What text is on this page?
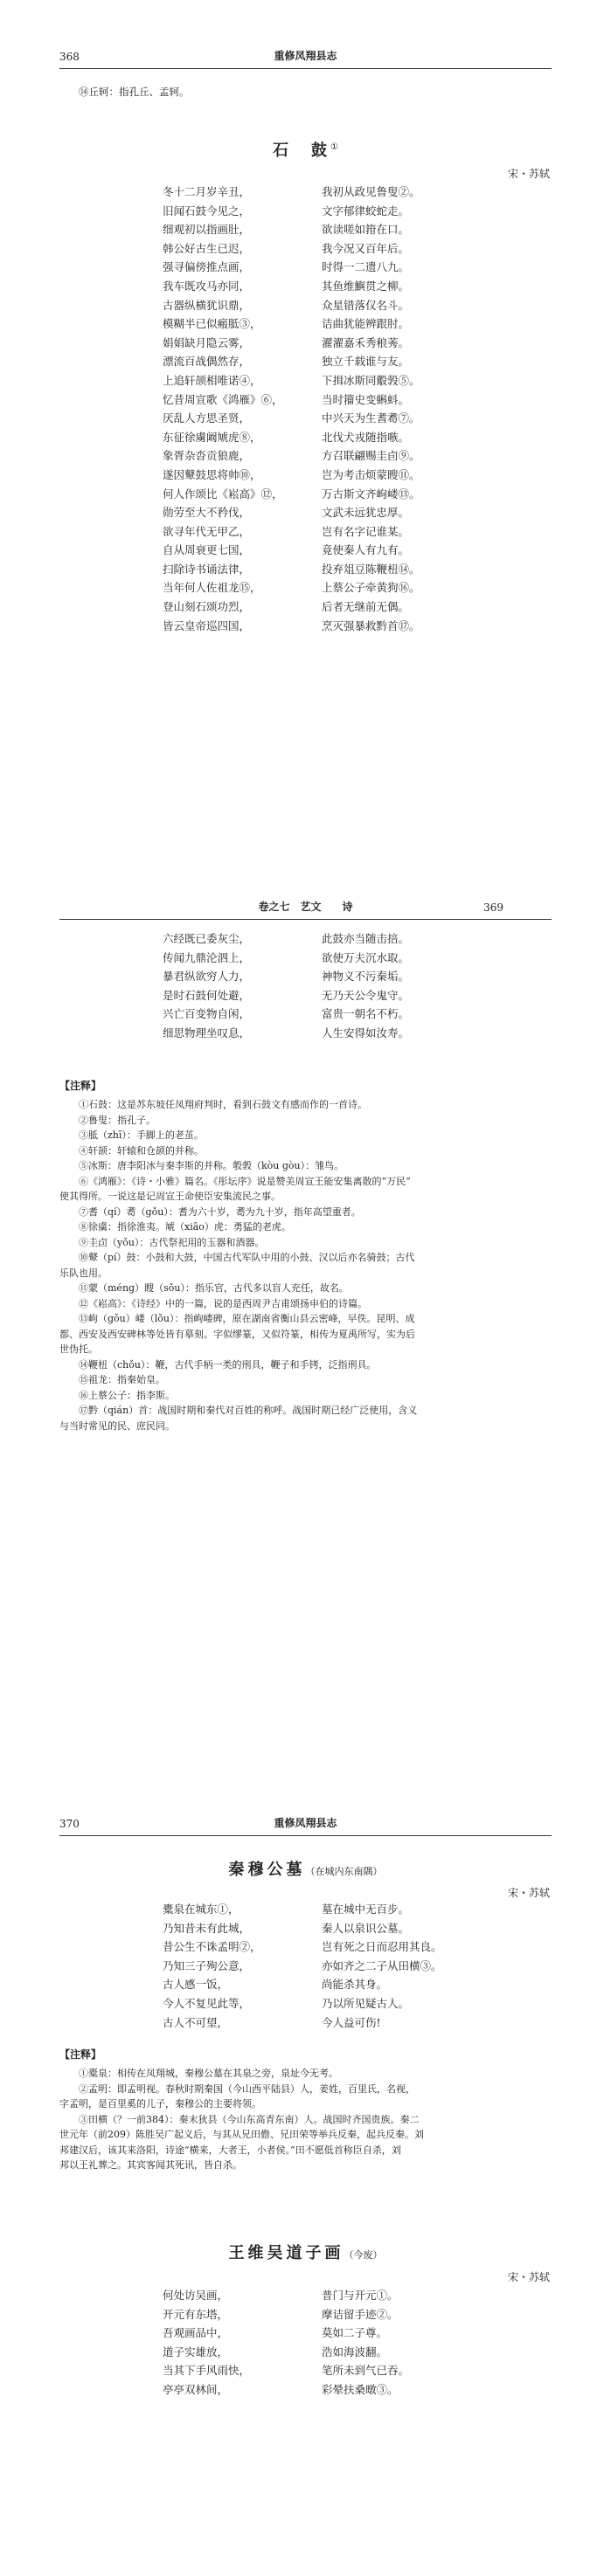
368	重修凤翔县志
⑭丘轲：指孔丘、孟轲。
石　鼓①
宋・苏轼
冬十二月岁辛丑，	我初从政见鲁叟②。
旧闻石鼓今见之，	文字郁律蛟蛇走。
细观初以指画肚，	欲读嗟如箝在口。
韩公好古生已迟，	我今况又百年后。
强寻偏傍推点画，	时得一二遗八九。
我车既攻马亦同，	其鱼维鱮贯之柳。
古器纵横犹识鼎，	众星错落仅名斗。
模糊半已似瘢胝③，	诘曲犹能辨跟肘。
娟娟缺月隐云雾，	濯濯嘉禾秀稂莠。
漂流百战偶然存，	独立千载谁与友。
上追轩颉相唯诺④，	下揖冰斯同鷇㝅⑤。
忆昔周宣歌《鸿雁》⑥，	当时籀史变蝌蚪。
厌乱人方思圣贤，	中兴天为生耆耈⑦。
东征徐虜阚虓虎⑧，	北伐犬戎随指嗾。
象胥杂沓贡狼鹿，	方召联翩赐圭卣⑨。
遂因鼙鼓思将帅⑩，	岂为考击烦蒙瞍⑪。
何人作颂比《崧高》⑫，	万古斯文齐岣嵝⑬。
勋劳至大不矜伐，	文武未远犹忠厚。
欲寻年代无甲乙，	岂有名字记谁某。
自从周衰更七国，	竟使秦人有九有。
扫除诗书诵法律，	投弃俎豆陈鞭杻⑭。
当年何人佐祖龙⑮，	上蔡公子牵黄狗⑯。
登山刻石颂功烈，	后者无继前无偶。
皆云皇帝巡四国，	烹灭强暴救黔首⑰。
卷之七　艺文　　诗	369
六经既已委灰尘，	此鼓亦当随击掊。
传闻九鼎沦泗上，	欲使万夫沉水取。
暴君纵欲穷人力，	神物义不污秦垢。
是时石鼓何处避，	无乃天公令鬼守。
兴亡百变物自闲，	富贵一朝名不朽。
细思物理坐叹息，	人生安得如汝寿。
【注释】

①石鼓：这是苏东坡任凤翔府判时，看到石鼓文有感而作的一首诗。

②鲁叟：指孔子。

③胝（zhī）：手脚上的老茧。

④轩颉：轩辕和仓颉的并称。

⑤冰斯：唐李阳冰与秦李斯的并称。彀㝅（kòu gòu）：雏鸟。

⑥《鸿雁》：《诗・小雅》篇名。《彤坛序》说是赞美周宣王能安集离散的“万民”

使其得所。一说这是记周宣王命使臣安集流民之事。

⑦耆（qí）耈（gǒu）：耆为六十岁，耈为九十岁，指年高望重者。

⑧徐虜：指徐淮夷。虓（xiāo）虎：勇猛的老虎。

⑨圭卣（yǒu）：古代祭祀用的玉器和酒器。

⑩鼙（pí）鼓：小鼓和大鼓，中国古代军队中用的小鼓、汉以后亦名骑鼓；古代

乐队也用。

⑪蒙（méng）瞍（sǒu）：指乐官，古代多以盲人充任，故名。

⑫《崧高》：《诗经》中的一篇，说的是西周尹吉甫颂扬申伯的诗篇。

⑬岣（gǒu）嵝（lǒu）：指岣嵝碑，原在湖南省衡山县云密峰，早佚。昆明、成

都、西安及西安碑林等处皆有摹刻。字似缪篆，又似符篆，相传为夏禹所写，实为后

世伪托。

⑭鞭杻（chǒu）：鞭，古代手柄一类的刑具，鞭子和手铐，泛指刑具。

⑮祖龙：指秦始皇。

⑯上蔡公子：指李斯。

⑰黔（qián）首：战国时期和秦代对百姓的称呼。战国时期已经广泛使用，含义

与当时常见的民、庶民同。

370	重修凤翔县志
秦穆公墓（在城内东南隅）
宋・苏轼
橐泉在城东①，	墓在城中无百步。
乃知昔未有此城，	秦人以泉识公墓。
昔公生不诛孟明②，	岂有死之日而忍用其良。
乃知三子殉公意，	亦如齐之二子从田横③。
古人感一饭，	尚能杀其身。
今人不复见此等，	乃以所见疑古人。
古人不可望，	今人益可伤!
【注释】

①橐泉：相传在凤翔城，秦穆公墓在其泉之旁，泉址今无考。

②孟明：即孟明视。春秋时期秦国（今山西平陆县）人，姜姓，百里氏，名视，

字孟明，是百里奚的儿子，秦穆公的主要将领。

③田横（？一前384）：秦末狄县（今山东高青东南）人。战国时齐国贵族。秦二

世元年（前209）陈胜吴广起义后，与其从兄田儋、兄田荣等举兵反秦，起兵反秦。刘

邦建汉后，该其来洛阳，诗途“横来，大者王，小者侯。”田不愿低首称臣自杀，刘

邦以王礼葬之。其宾客闻其死讯，皆自杀。

王维吴道子画（今废）
宋・苏轼
何处访吴画，	普门与开元①。
开元有东塔，	摩诘留手迹②。
吾观画品中，	莫如二子尊。
道子实雄放，	浩如海波翻。
当其下手风雨快，	笔所未到气已吞。
亭亭双林间，	彩晕扶桑暾③。
